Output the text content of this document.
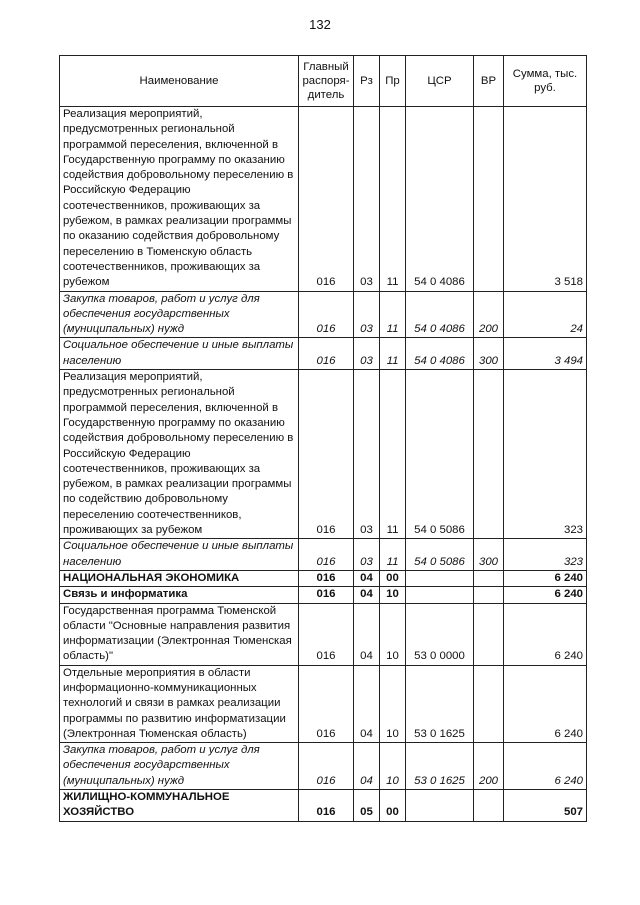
132
Наименование	Главный распоря-дитель	Рз	Пр	ЦСР	ВР	Сумма, тыс. руб.
Реализация мероприятий, предусмотренных региональной программой переселения, включенной в Государственную программу по оказанию содействия добровольному переселению в Российскую Федерацию соотечественников, проживающих за рубежом, в рамках реализации программы по оказанию содействия добровольному переселению в Тюменскую область соотечественников, проживающих за рубежом	016	03	11	54 0 4086		3 518
Закупка товаров, работ и услуг для обеспечения государственных (муниципальных) нужд	016	03	11	54 0 4086	200	24
Социальное обеспечение и иные выплаты населению	016	03	11	54 0 4086	300	3 494
Реализация мероприятий, предусмотренных региональной программой переселения, включенной в Государственную программу по оказанию содействия добровольному переселению в Российскую Федерацию соотечественников, проживающих за рубежом, в рамках реализации программы по содействию добровольному переселению соотечественников, проживающих за рубежом	016	03	11	54 0 5086		323
Социальное обеспечение и иные выплаты населению	016	03	11	54 0 5086	300	323
НАЦИОНАЛЬНАЯ ЭКОНОМИКА	016	04	00			6 240
Связь и информатика	016	04	10			6 240
Государственная программа Тюменской области "Основные направления развития информатизации (Электронная Тюменская область)"	016	04	10	53 0 0000		6 240
Отдельные мероприятия в области информационно-коммуникационных технологий и связи в рамках реализации программы по развитию информатизации (Электронная Тюменская область)	016	04	10	53 0 1625		6 240
Закупка товаров, работ и услуг для обеспечения государственных (муниципальных) нужд	016	04	10	53 0 1625	200	6 240
ЖИЛИЩНО-КОММУНАЛЬНОЕ ХОЗЯЙСТВО	016	05	00			507
